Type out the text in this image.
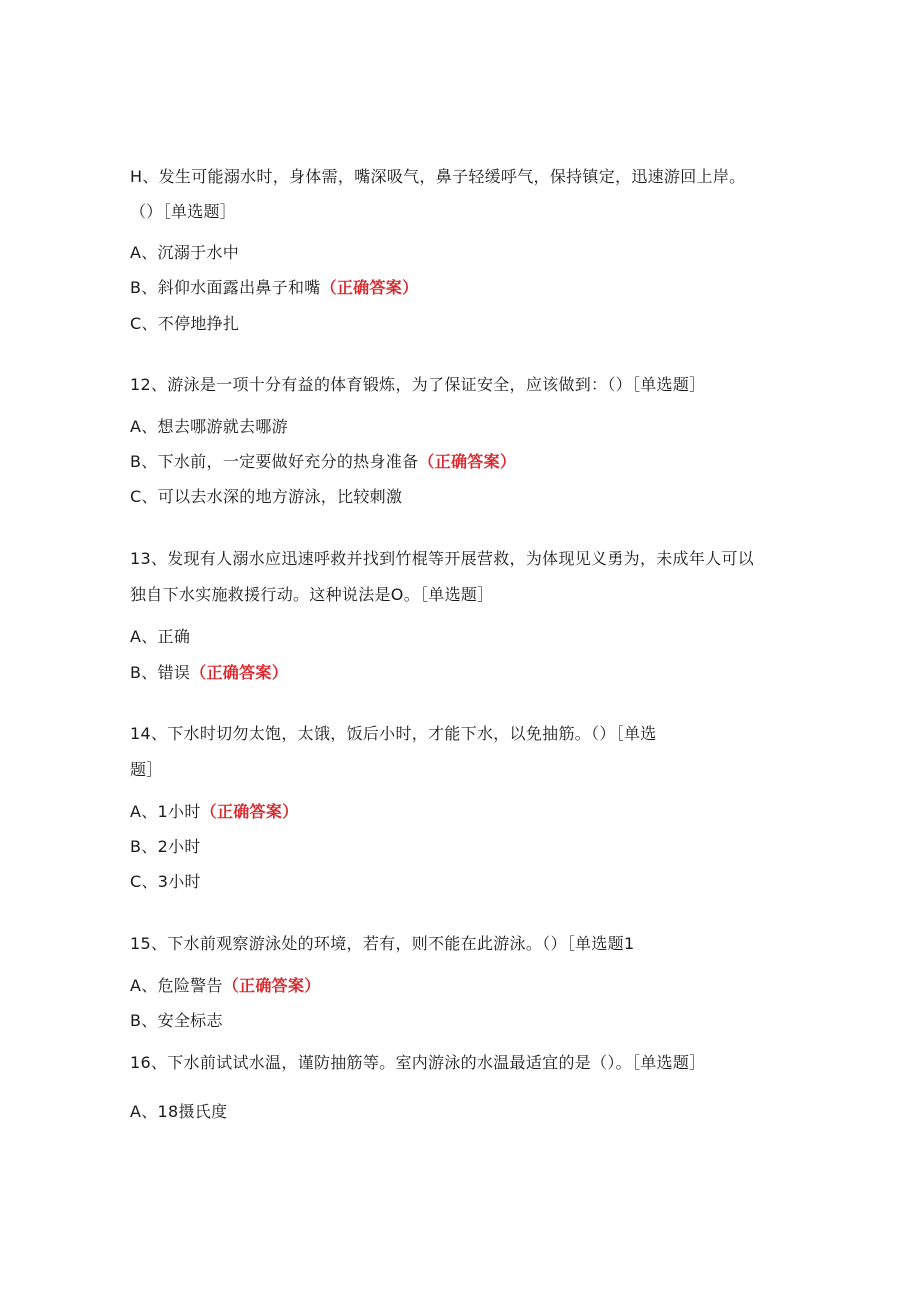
H、发生可能溺水时，身体需，嘴深吸气，鼻子轻缓呼气，保持镇定，迅速游回上岸。
（）［单选题］
A、沉溺于水中
B、斜仰水面露出鼻子和嘴（正确答案）
C、不停地挣扎
12、游泳是一项十分有益的体育锻炼，为了保证安全，应该做到：（）［单选题］
A、想去哪游就去哪游
B、下水前，一定要做好充分的热身准备（正确答案）
C、可以去水深的地方游泳，比较刺激
13、发现有人溺水应迅速呼救并找到竹棍等开展营救，为体现见义勇为，未成年人可以
独自下水实施救援行动。这种说法是O。［单选题］
A、正确
B、错误（正确答案）
14、下水时切勿太饱，太饿，饭后小时，才能下水，以免抽筋。（）［单选
题］
A、1小时（正确答案）
B、2小时
C、3小时
15、下水前观察游泳处的环境，若有，则不能在此游泳。（）［单选题1
A、危险警告（正确答案）
B、安全标志
16、下水前试试水温，谨防抽筋等。室内游泳的水温最适宜的是（）。［单选题］
A、18摄氏度
